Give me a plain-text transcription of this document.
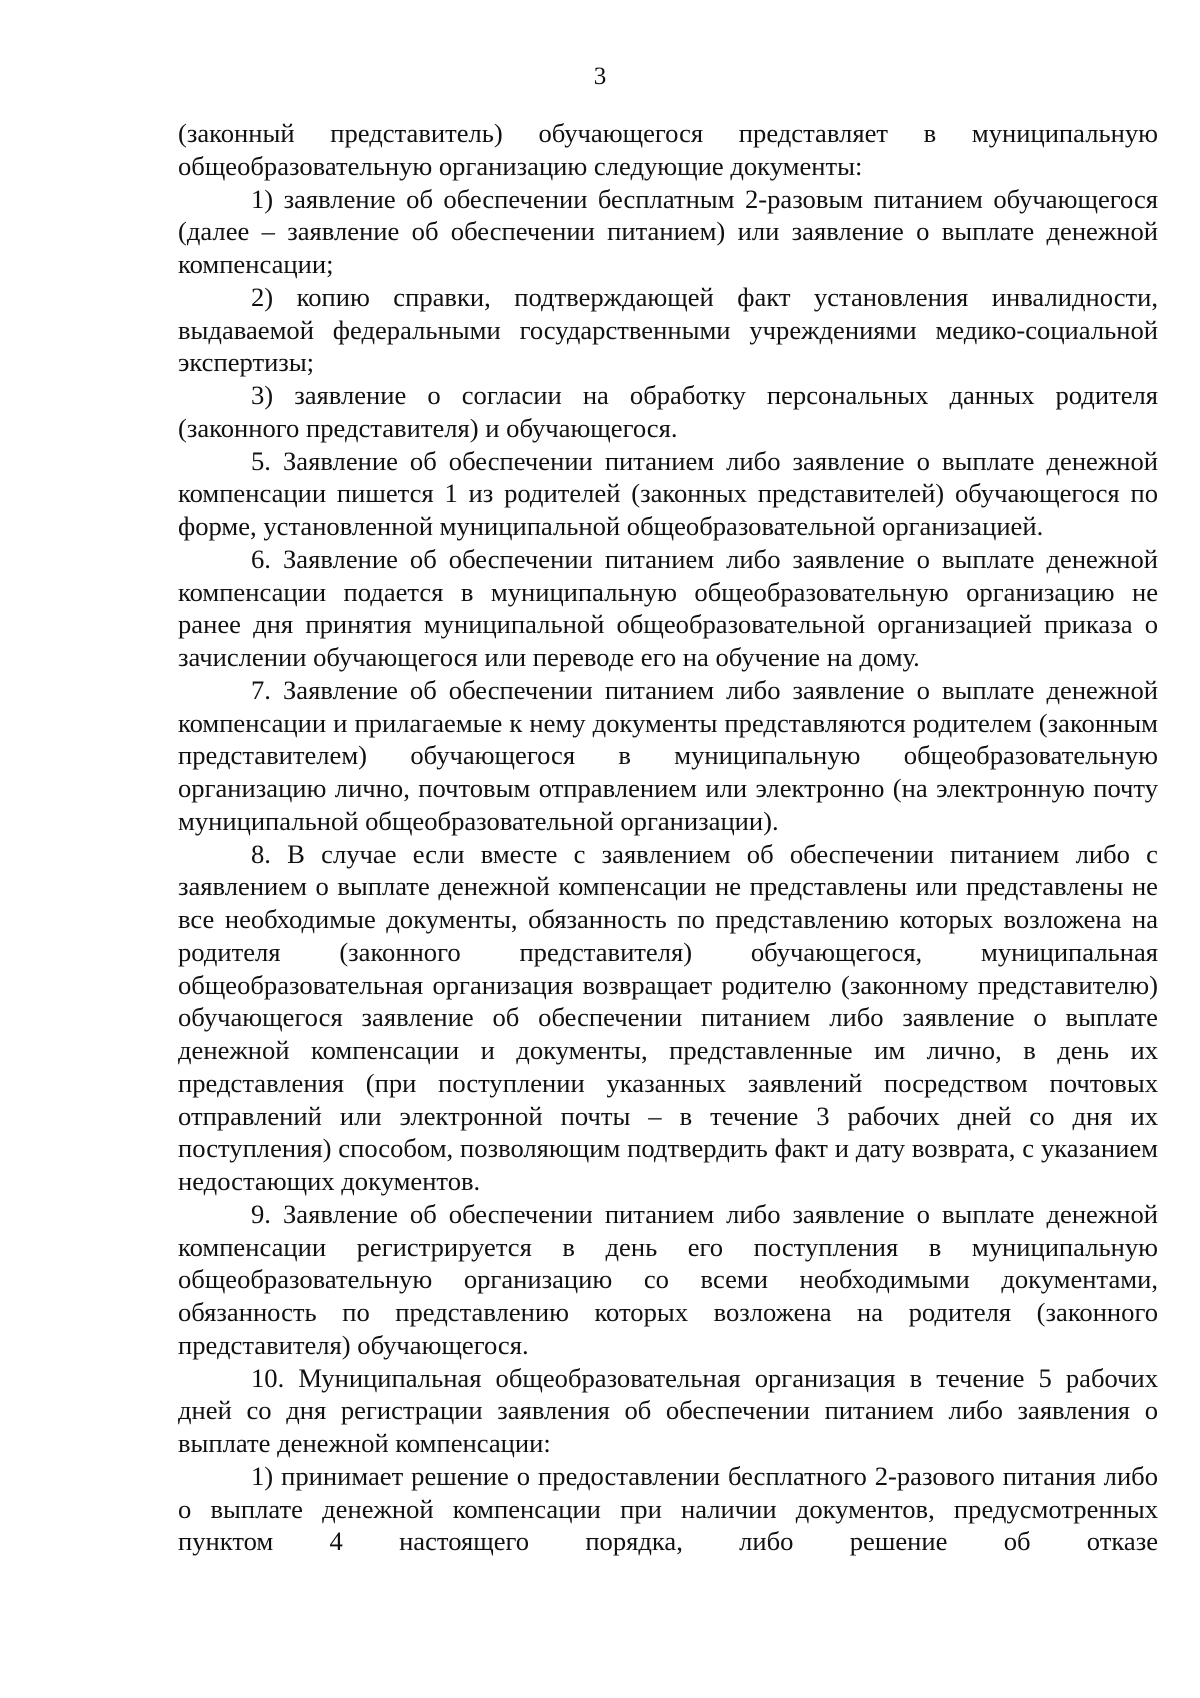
3

(законный представитель) обучающегося представляет в муниципальную общеобразовательную организацию следующие документы:

1) заявление об обеспечении бесплатным 2-разовым питанием обучающегося (далее – заявление об обеспечении питанием) или заявление о выплате денежной компенсации;

2) копию справки, подтверждающей факт установления инвалидности, выдаваемой федеральными государственными учреждениями медико-социальной экспертизы;

3) заявление о согласии на обработку персональных данных родителя (законного представителя) и обучающегося.

5. Заявление об обеспечении питанием либо заявление о выплате денежной компенсации пишется 1 из родителей (законных представителей) обучающегося по форме, установленной муниципальной общеобразовательной организацией.

6. Заявление об обеспечении питанием либо заявление о выплате денежной компенсации подается в муниципальную общеобразовательную организацию не ранее дня принятия муниципальной общеобразовательной организацией приказа о зачислении обучающегося или переводе его на обучение на дому.

7. Заявление об обеспечении питанием либо заявление о выплате денежной компенсации и прилагаемые к нему документы представляются родителем (законным представителем) обучающегося в муниципальную общеобразовательную организацию лично, почтовым отправлением или электронно (на электронную почту муниципальной общеобразовательной организации).

8. В случае если вместе с заявлением об обеспечении питанием либо с заявлением о выплате денежной компенсации не представлены или представлены не все необходимые документы, обязанность по представлению которых возложена на родителя (законного представителя) обучающегося, муниципальная общеобразовательная организация возвращает родителю (законному представителю) обучающегося заявление об обеспечении питанием либо заявление о выплате денежной компенсации и документы, представленные им лично, в день их представления (при поступлении указанных заявлений посредством почтовых отправлений или электронной почты – в течение 3 рабочих дней со дня их поступления) способом, позволяющим подтвердить факт и дату возврата, с указанием недостающих документов.

9. Заявление об обеспечении питанием либо заявление о выплате денежной компенсации регистрируется в день его поступления в муниципальную общеобразовательную организацию со всеми необходимыми документами, обязанность по представлению которых возложена на родителя (законного представителя) обучающегося.

10. Муниципальная общеобразовательная организация в течение 5 рабочих дней со дня регистрации заявления об обеспечении питанием либо заявления о выплате денежной компенсации:

1) принимает решение о предоставлении бесплатного 2-разового питания либо о выплате денежной компенсации при наличии документов, предусмотренных пунктом 4 настоящего порядка, либо решение об отказе
